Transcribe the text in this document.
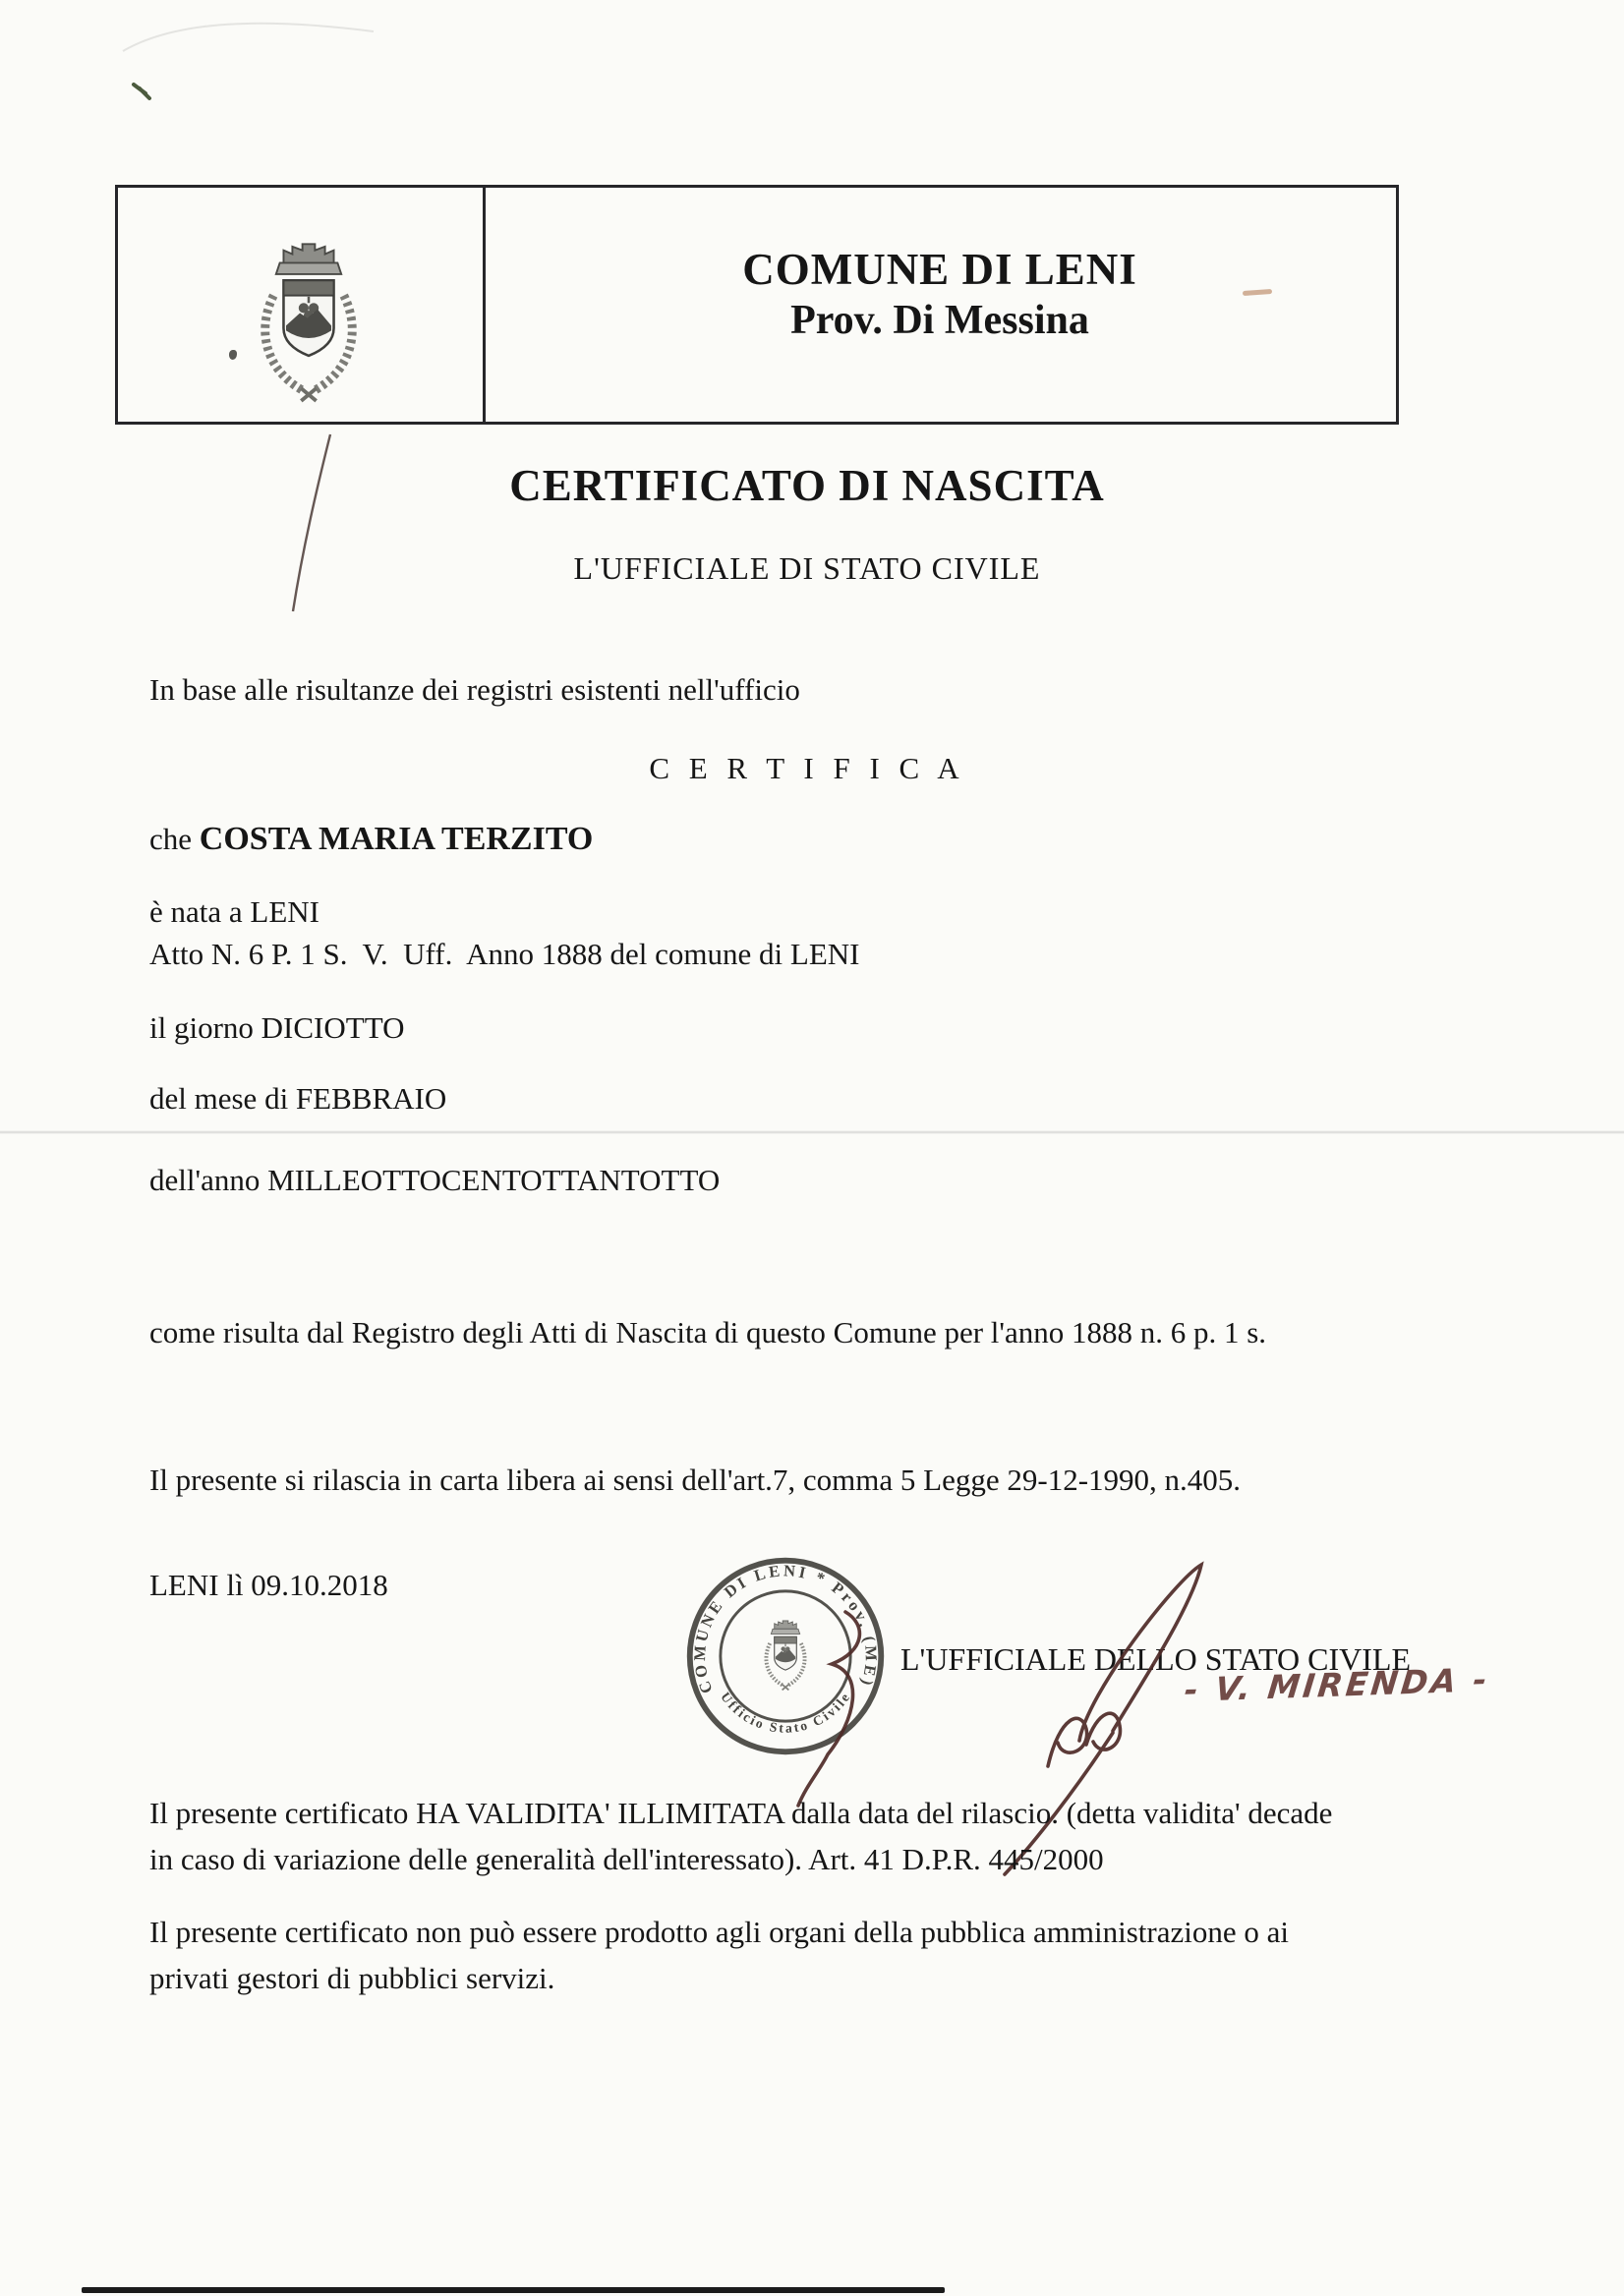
COMUNE DI LENI
Prov. Di Messina
CERTIFICATO DI NASCITA
L'UFFICIALE DI STATO CIVILE

In base alle risultanze dei registri esistenti nell'ufficio

C E R T I F I C A

che COSTA MARIA TERZITO

è nata a LENI

Atto N. 6 P. 1 S.  V.  Uff.  Anno 1888 del comune di LENI

il giorno DICIOTTO

del mese di FEBBRAIO

dell'anno MILLEOTTOCENTOTTANTOTTO

come risulta dal Registro degli Atti di Nascita di questo Comune per l'anno 1888 n. 6 p. 1 s.

Il presente si rilascia in carta libera ai sensi dell'art.7, comma 5 Legge 29-12-1990, n.405.

LENI lì 09.10.2018

COMUNE DI LENI * Prov. (ME)
Ufficio Stato Civile

L'UFFICIALE DELLO STATO CIVILE

- V. MIRENDA -

Il presente certificato HA VALIDITA' ILLIMITATA dalla data del rilascio. (detta validita' decade

in caso di variazione delle generalità dell'interessato). Art. 41 D.P.R. 445/2000

Il presente certificato non può essere prodotto agli organi della pubblica amministrazione o ai

privati gestori di pubblici servizi.
